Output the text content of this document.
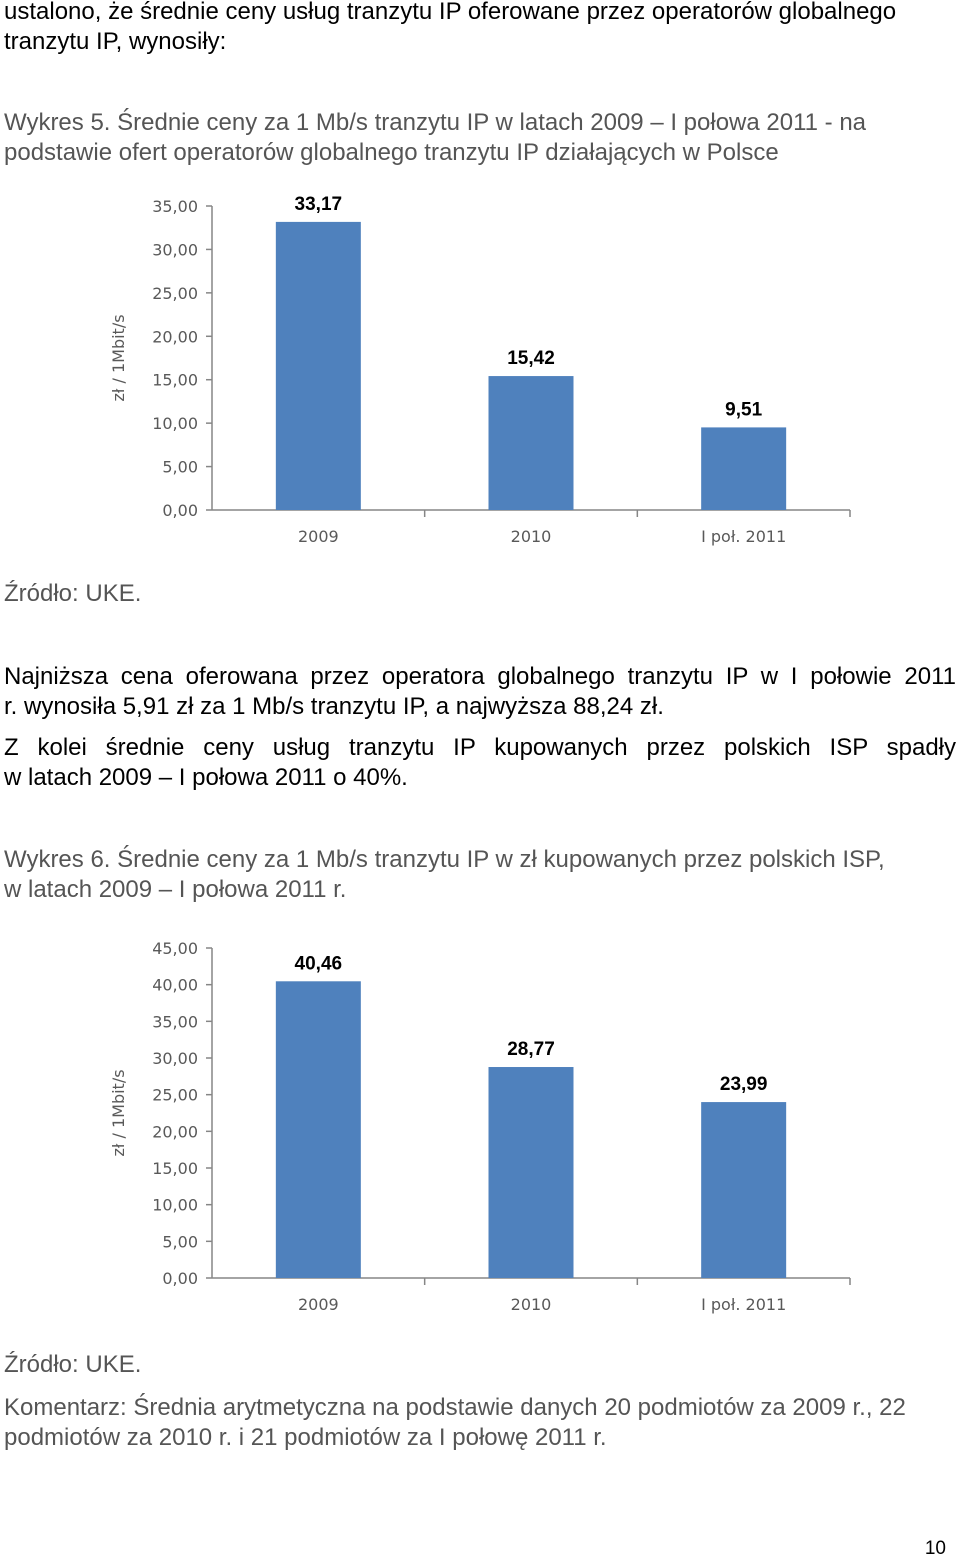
ustalono, że średnie ceny usług tranzytu IP oferowane przez operatorów globalnego

tranzytu IP, wynosiły:

Wykres 5. Średnie ceny za 1 Mb/s tranzytu IP w latach 2009 – I połowa 2011 - na

podstawie ofert operatorów globalnego tranzytu IP działających w Polsce

0,00
5,00
10,00
15,00
20,00
25,00
30,00
35,00	33,17
2009
15,42
2010
9,51
I poł. 2011
zł / 1Mbit/s

Źródło: UKE.

Najniższa cena oferowana przez operatora globalnego tranzytu IP w I połowie 2011

r. wynosiła 5,91 zł za 1 Mb/s tranzytu IP, a najwyższa 88,24 zł.

Z kolei średnie ceny usług tranzytu IP kupowanych przez polskich ISP spadły

w latach 2009 – I połowa 2011 o 40%.

Wykres 6. Średnie ceny za 1 Mb/s tranzytu IP w zł kupowanych przez polskich ISP,

w latach 2009 – I połowa 2011 r.

0,00
5,00
10,00
15,00
20,00
25,00
30,00
35,00
40,00
45,00
40,46
2009
28,77
2010
23,99
I poł. 2011
zł / 1Mbit/s

Źródło: UKE.

Komentarz: Średnia arytmetyczna na podstawie danych 20 podmiotów za 2009 r., 22

podmiotów za 2010 r. i 21 podmiotów za I połowę 2011 r.

10
